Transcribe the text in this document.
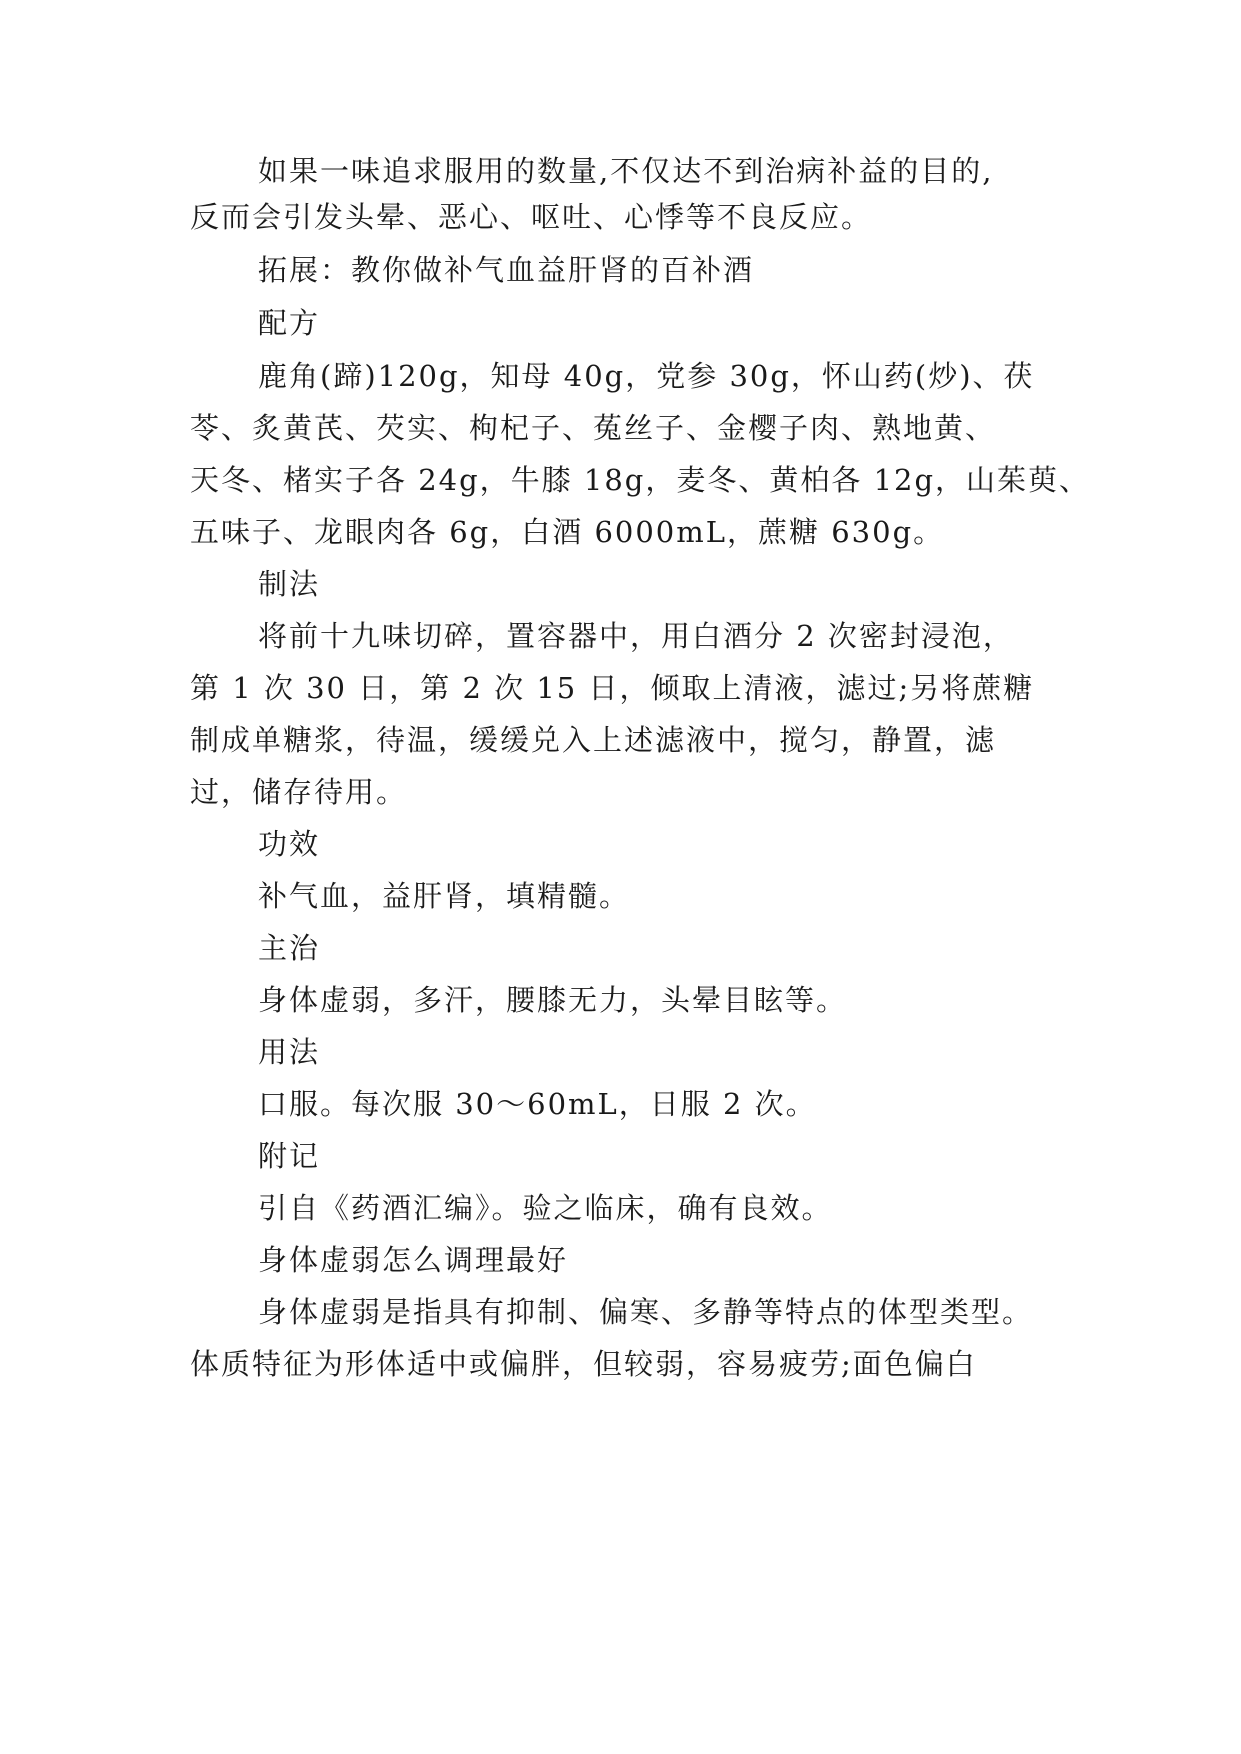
如果一味追求服用的数量,不仅达不到治病补益的目的,
反而会引发头晕、恶心、呕吐、心悸等不良反应。
拓展：教你做补气血益肝肾的百补酒
配方
鹿角(蹄)120g，知母 40g，党参 30g，怀山药(炒)、茯
苓、炙黄芪、芡实、枸杞子、菟丝子、金樱子肉、熟地黄、
天冬、楮实子各 24g，牛膝 18g，麦冬、黄柏各 12g，山茱萸、
五味子、龙眼肉各 6g，白酒 6000mL，蔗糖 630g。
制法
将前十九味切碎，置容器中，用白酒分 2 次密封浸泡，
第 1 次 30 日，第 2 次 15 日，倾取上清液，滤过;另将蔗糖
制成单糖浆，待温，缓缓兑入上述滤液中，搅匀，静置，滤
过，储存待用。
功效
补气血，益肝肾，填精髓。
主治
身体虚弱，多汗，腰膝无力，头晕目眩等。
用法
口服。每次服 30～60mL，日服 2 次。
附记
引自《药酒汇编》。验之临床，确有良效。
身体虚弱怎么调理最好
身体虚弱是指具有抑制、偏寒、多静等特点的体型类型。
体质特征为形体适中或偏胖，但较弱，容易疲劳;面色偏白
